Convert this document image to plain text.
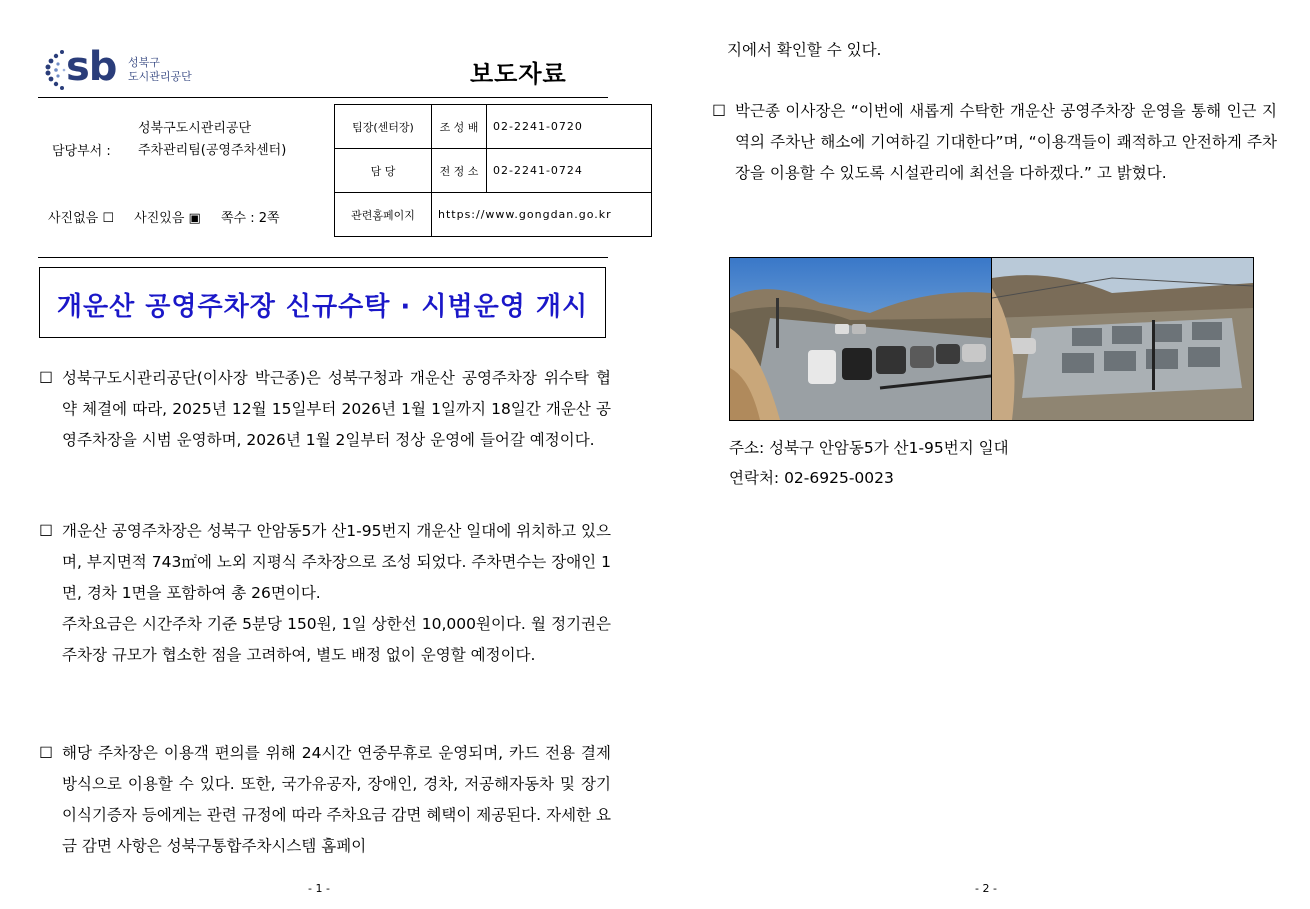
sb 성북구
도시관리공단	보도자료
담당부서 :
성북구도시관리공단
주차관리팀(공영주차센터)
사진없음 ☐ 사진있음 ▣ 쪽수 : 2쪽
팀장(센터장)	조 성 배	02-2241-0720
담 당	전 정 소	02-2241-0724
관련홈페이지	https://www.gongdan.go.kr	
개운산 공영주차장 신규수탁 · 시범운영 개시
☐ 성북구도시관리공단(이사장 박근종)은 성북구청과 개운산 공영주차장 위수탁 협약 체결에 따라, 2025년 12월 15일부터 2026년 1월 1일까지 18일간 개운산 공영주차장을 시범 운영하며, 2026년 1월 2일부터 정상 운영에 들어갈 예정이다.
☐ 개운산 공영주차장은 성북구 안암동5가 산1-95번지 개운산 일대에 위치하고 있으며, 부지면적 743㎡에 노외 지평식 주차장으로 조성 되었다. 주차면수는 장애인 1면, 경차 1면을 포함하여 총 26면이다.
주차요금은 시간주차 기준 5분당 150원, 1일 상한선 10,000원이다. 월 정기권은 주차장 규모가 협소한 점을 고려하여, 별도 배정 없이 운영할 예정이다.
☐ 해당 주차장은 이용객 편의를 위해 24시간 연중무휴로 운영되며, 카드 전용 결제 방식으로 이용할 수 있다. 또한, 국가유공자, 장애인, 경차, 저공해자동차 및 장기이식기증자 등에게는 관련 규정에 따라 주차요금 감면 혜택이 제공된다. 자세한 요금 감면 사항은 성북구통합주차시스템 홈페이
- 1 -
지에서 확인할 수 있다.
☐ 박근종 이사장은 “이번에 새롭게 수탁한 개운산 공영주차장 운영을 통해 인근 지역의 주차난 해소에 기여하길 기대한다”며, “이용객들이 쾌적하고 안전하게 주차장을 이용할 수 있도록 시설관리에 최선을 다하겠다.” 고 밝혔다.
주소: 성북구 안암동5가 산1-95번지 일대
연락처: 02-6925-0023
- 2 -
